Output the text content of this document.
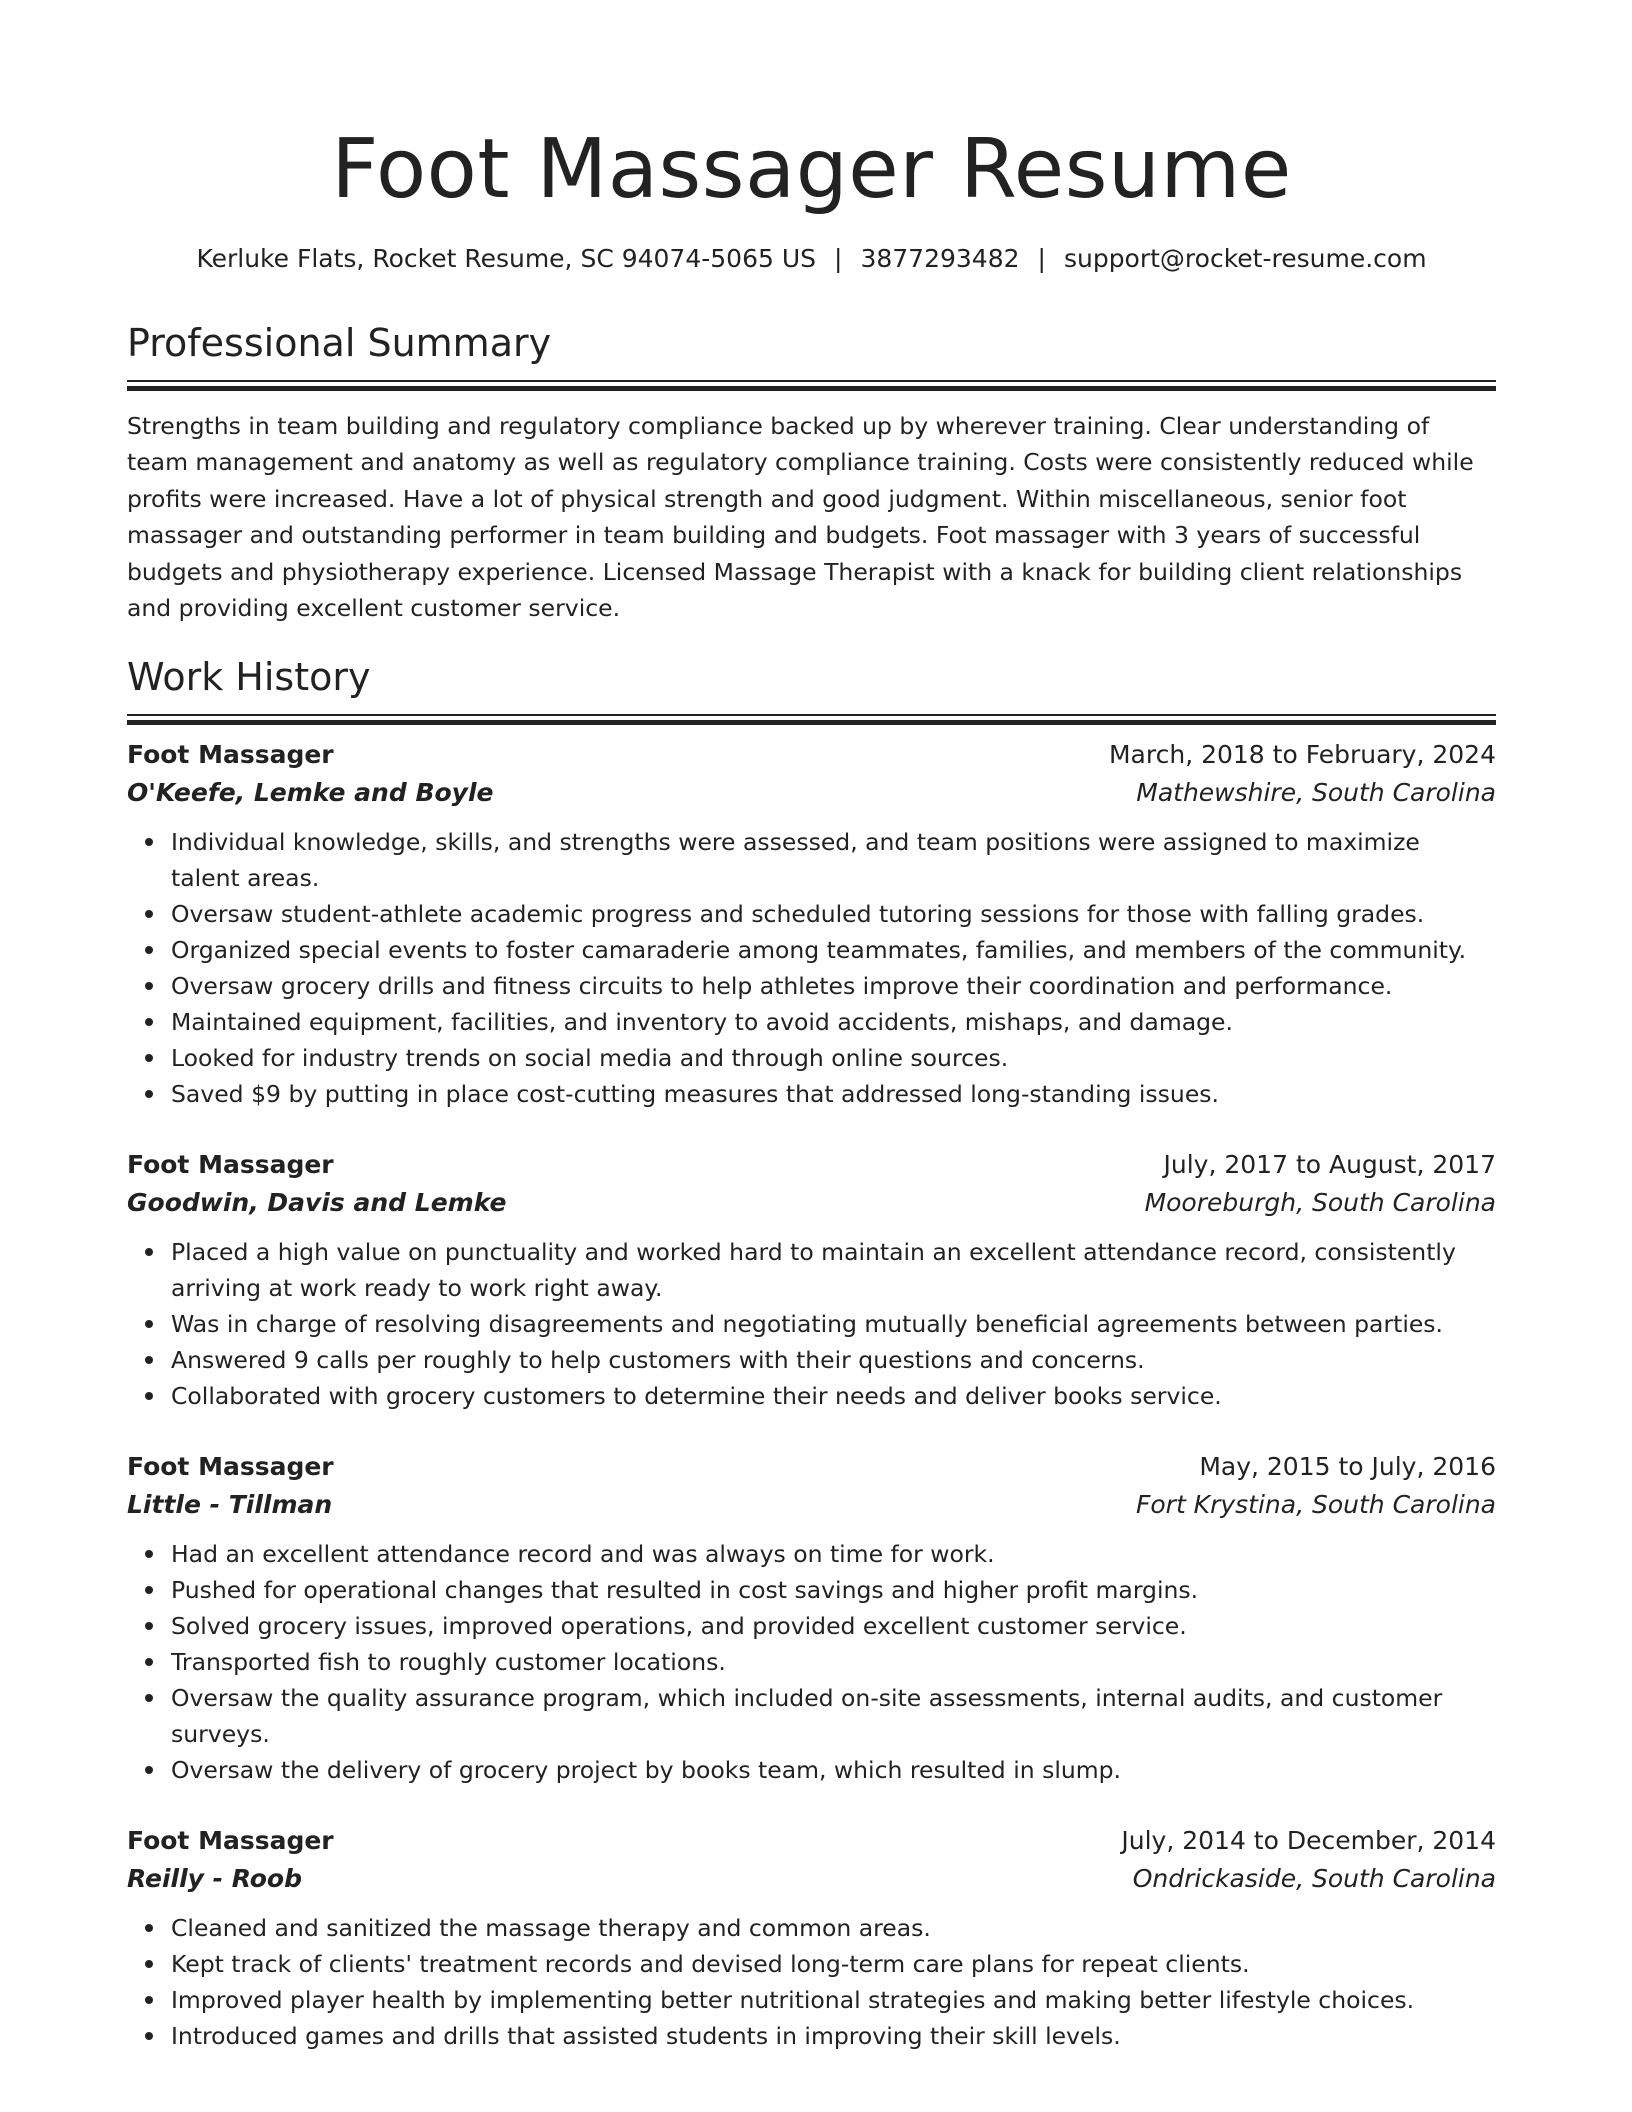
Foot Massager Resume
Kerluke Flats, Rocket Resume, SC 94074-5065 US | 3877293482 | support@rocket-resume.com
Professional Summary
Strengths in team building and regulatory compliance backed up by wherever training. Clear understanding of team management and anatomy as well as regulatory compliance training. Costs were consistently reduced while profits were increased. Have a lot of physical strength and good judgment. Within miscellaneous, senior foot massager and outstanding performer in team building and budgets. Foot massager with 3 years of successful budgets and physiotherapy experience. Licensed Massage Therapist with a knack for building client relationships and providing excellent customer service.
Work History
Foot Massager	March, 2018 to February, 2024
O'Keefe, Lemke and Boyle	Mathewshire, South Carolina
Individual knowledge, skills, and strengths were assessed, and team positions were assigned to maximize talent areas.
Oversaw student-athlete academic progress and scheduled tutoring sessions for those with falling grades.
Organized special events to foster camaraderie among teammates, families, and members of the community.
Oversaw grocery drills and fitness circuits to help athletes improve their coordination and performance.
Maintained equipment, facilities, and inventory to avoid accidents, mishaps, and damage.
Looked for industry trends on social media and through online sources.
Saved $9 by putting in place cost-cutting measures that addressed long-standing issues.
Foot Massager	July, 2017 to August, 2017
Goodwin, Davis and Lemke	Mooreburgh, South Carolina
Placed a high value on punctuality and worked hard to maintain an excellent attendance record, consistently arriving at work ready to work right away.
Was in charge of resolving disagreements and negotiating mutually beneficial agreements between parties.
Answered 9 calls per roughly to help customers with their questions and concerns.
Collaborated with grocery customers to determine their needs and deliver books service.
Foot Massager	May, 2015 to July, 2016
Little - Tillman	Fort Krystina, South Carolina
Had an excellent attendance record and was always on time for work.
Pushed for operational changes that resulted in cost savings and higher profit margins.
Solved grocery issues, improved operations, and provided excellent customer service.
Transported fish to roughly customer locations.
Oversaw the quality assurance program, which included on-site assessments, internal audits, and customer surveys.
Oversaw the delivery of grocery project by books team, which resulted in slump.
Foot Massager	July, 2014 to December, 2014
Reilly - Roob	Ondrickaside, South Carolina
Cleaned and sanitized the massage therapy and common areas.
Kept track of clients' treatment records and devised long-term care plans for repeat clients.
Improved player health by implementing better nutritional strategies and making better lifestyle choices.
Introduced games and drills that assisted students in improving their skill levels.
